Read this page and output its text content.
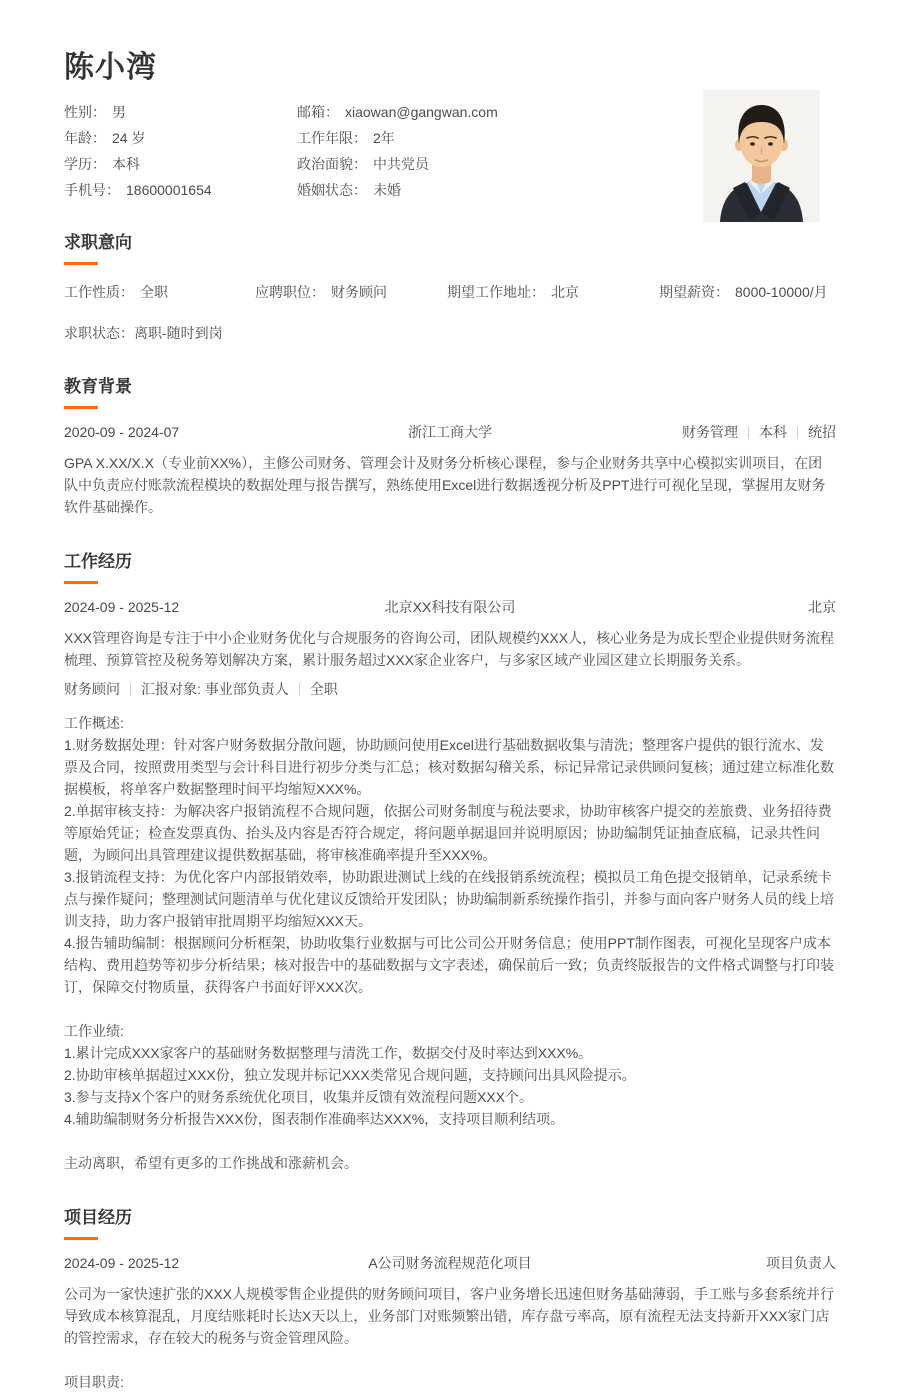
陈小湾
性别： 男	邮箱： xiaowan@gangwan.com
年龄： 24 岁	工作年限： 2年
学历： 本科	政治面貌： 中共党员
手机号： 18600001654	婚姻状态： 未婚
求职意向
工作性质： 全职	应聘职位： 财务顾问	期望工作地址： 北京	期望薪资： 8000-10000/月
求职状态：离职-随时到岗
教育背景
2020-09 - 2024-07	浙江工商大学	财务管理 本科 统招

GPA X.XX/X.X（专业前XX%），主修公司财务、管理会计及财务分析核心课程，参与企业财务共享中心模拟实训项目，在团队中负责应付账款流程模块的数据处理与报告撰写，熟练使用Excel进行数据透视分析及PPT进行可视化呈现，掌握用友财务软件基础操作。

工作经历
2024-09 - 2025-12	北京XX科技有限公司	北京

XXX管理咨询是专注于中小企业财务优化与合规服务的咨询公司，团队规模约XXX人，核心业务是为成长型企业提供财务流程梳理、预算管控及税务筹划解决方案，累计服务超过XXX家企业客户，与多家区域产业园区建立长期服务关系。

财务顾问 汇报对象: 事业部负责人 全职

工作概述:

1.财务数据处理：针对客户财务数据分散问题，协助顾问使用Excel进行基础数据收集与清洗；整理客户提供的银行流水、发票及合同，按照费用类型与会计科目进行初步分类与汇总；核对数据勾稽关系，标记异常记录供顾问复核；通过建立标准化数据模板，将单客户数据整理时间平均缩短XXX%。

2.单据审核支持：为解决客户报销流程不合规问题，依据公司财务制度与税法要求，协助审核客户提交的差旅费、业务招待费等原始凭证；检查发票真伪、抬头及内容是否符合规定，将问题单据退回并说明原因；协助编制凭证抽查底稿，记录共性问题，为顾问出具管理建议提供数据基础，将审核准确率提升至XXX%。

3.报销流程支持：为优化客户内部报销效率，协助跟进测试上线的在线报销系统流程；模拟员工角色提交报销单，记录系统卡点与操作疑问；整理测试问题清单与优化建议反馈给开发团队；协助编制新系统操作指引，并参与面向客户财务人员的线上培训支持，助力客户报销审批周期平均缩短XXX天。

4.报告辅助编制：根据顾问分析框架，协助收集行业数据与可比公司公开财务信息；使用PPT制作图表，可视化呈现客户成本结构、费用趋势等初步分析结果；核对报告中的基础数据与文字表述，确保前后一致；负责终版报告的文件格式调整与打印装订，保障交付物质量，获得客户书面好评XXX次。

工作业绩:

1.累计完成XXX家客户的基础财务数据整理与清洗工作，数据交付及时率达到XXX%。

2.协助审核单据超过XXX份，独立发现并标记XXX类常见合规问题，支持顾问出具风险提示。

3.参与支持X个客户的财务系统优化项目，收集并反馈有效流程问题XXX个。

4.辅助编制财务分析报告XXX份，图表制作准确率达XXX%，支持项目顺利结项。

主动离职，希望有更多的工作挑战和涨薪机会。

项目经历
2024-09 - 2025-12	A公司财务流程规范化项目	项目负责人

公司为一家快速扩张的XXX人规模零售企业提供的财务顾问项目，客户业务增长迅速但财务基础薄弱，手工账与多套系统并行导致成本核算混乱，月度结账耗时长达X天以上，业务部门对账频繁出错，库存盘亏率高，原有流程无法支持新开XXX家门店的管控需求，存在较大的税务与资金管理风险。

项目职责:
